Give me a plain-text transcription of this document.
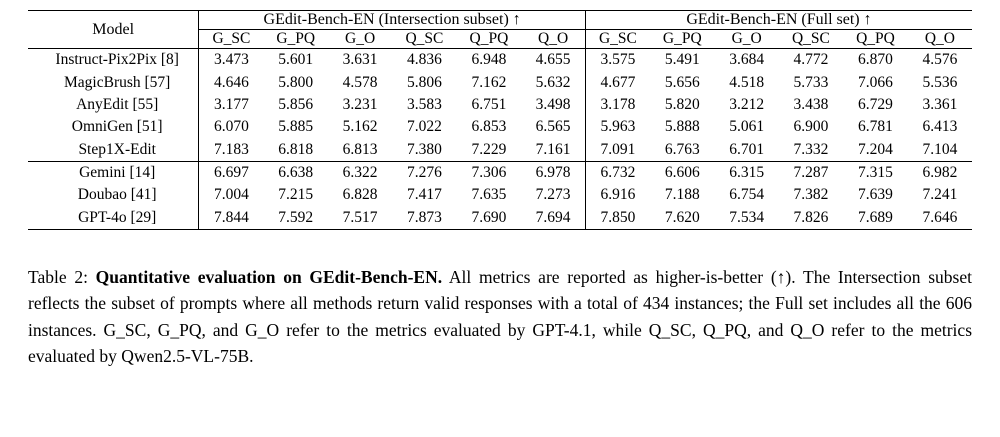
Model	GEdit-Bench-EN (Intersection subset) ↑						GEdit-Bench-EN (Full set) ↑					
	G_SC	G_PQ	G_O	Q_SC	Q_PQ	Q_O	G_SC	G_PQ	G_O	Q_SC	Q_PQ	Q_O
Instruct-Pix2Pix [8]	3.473	5.601	3.631	4.836	6.948	4.655	3.575	5.491	3.684	4.772	6.870	4.576
MagicBrush [57]	4.646	5.800	4.578	5.806	7.162	5.632	4.677	5.656	4.518	5.733	7.066	5.536
AnyEdit [55]	3.177	5.856	3.231	3.583	6.751	3.498	3.178	5.820	3.212	3.438	6.729	3.361
OmniGen [51]	6.070	5.885	5.162	7.022	6.853	6.565	5.963	5.888	5.061	6.900	6.781	6.413
Step1X-Edit	7.183	6.818	6.813	7.380	7.229	7.161	7.091	6.763	6.701	7.332	7.204	7.104
Gemini [14]	6.697	6.638	6.322	7.276	7.306	6.978	6.732	6.606	6.315	7.287	7.315	6.982
Doubao [41]	7.004	7.215	6.828	7.417	7.635	7.273	6.916	7.188	6.754	7.382	7.639	7.241
GPT-4o [29]	7.844	7.592	7.517	7.873	7.690	7.694	7.850	7.620	7.534	7.826	7.689	7.646
Table 2: Quantitative evaluation on GEdit-Bench-EN. All metrics are reported as higher-is-better (↑). The Intersection subset reflects the subset of prompts where all methods return valid responses with a total of 434 instances; the Full set includes all the 606 instances. G_SC, G_PQ, and G_O refer to the metrics evaluated by GPT-4.1, while Q_SC, Q_PQ, and Q_O refer to the metrics evaluated by Qwen2.5-VL-75B.
